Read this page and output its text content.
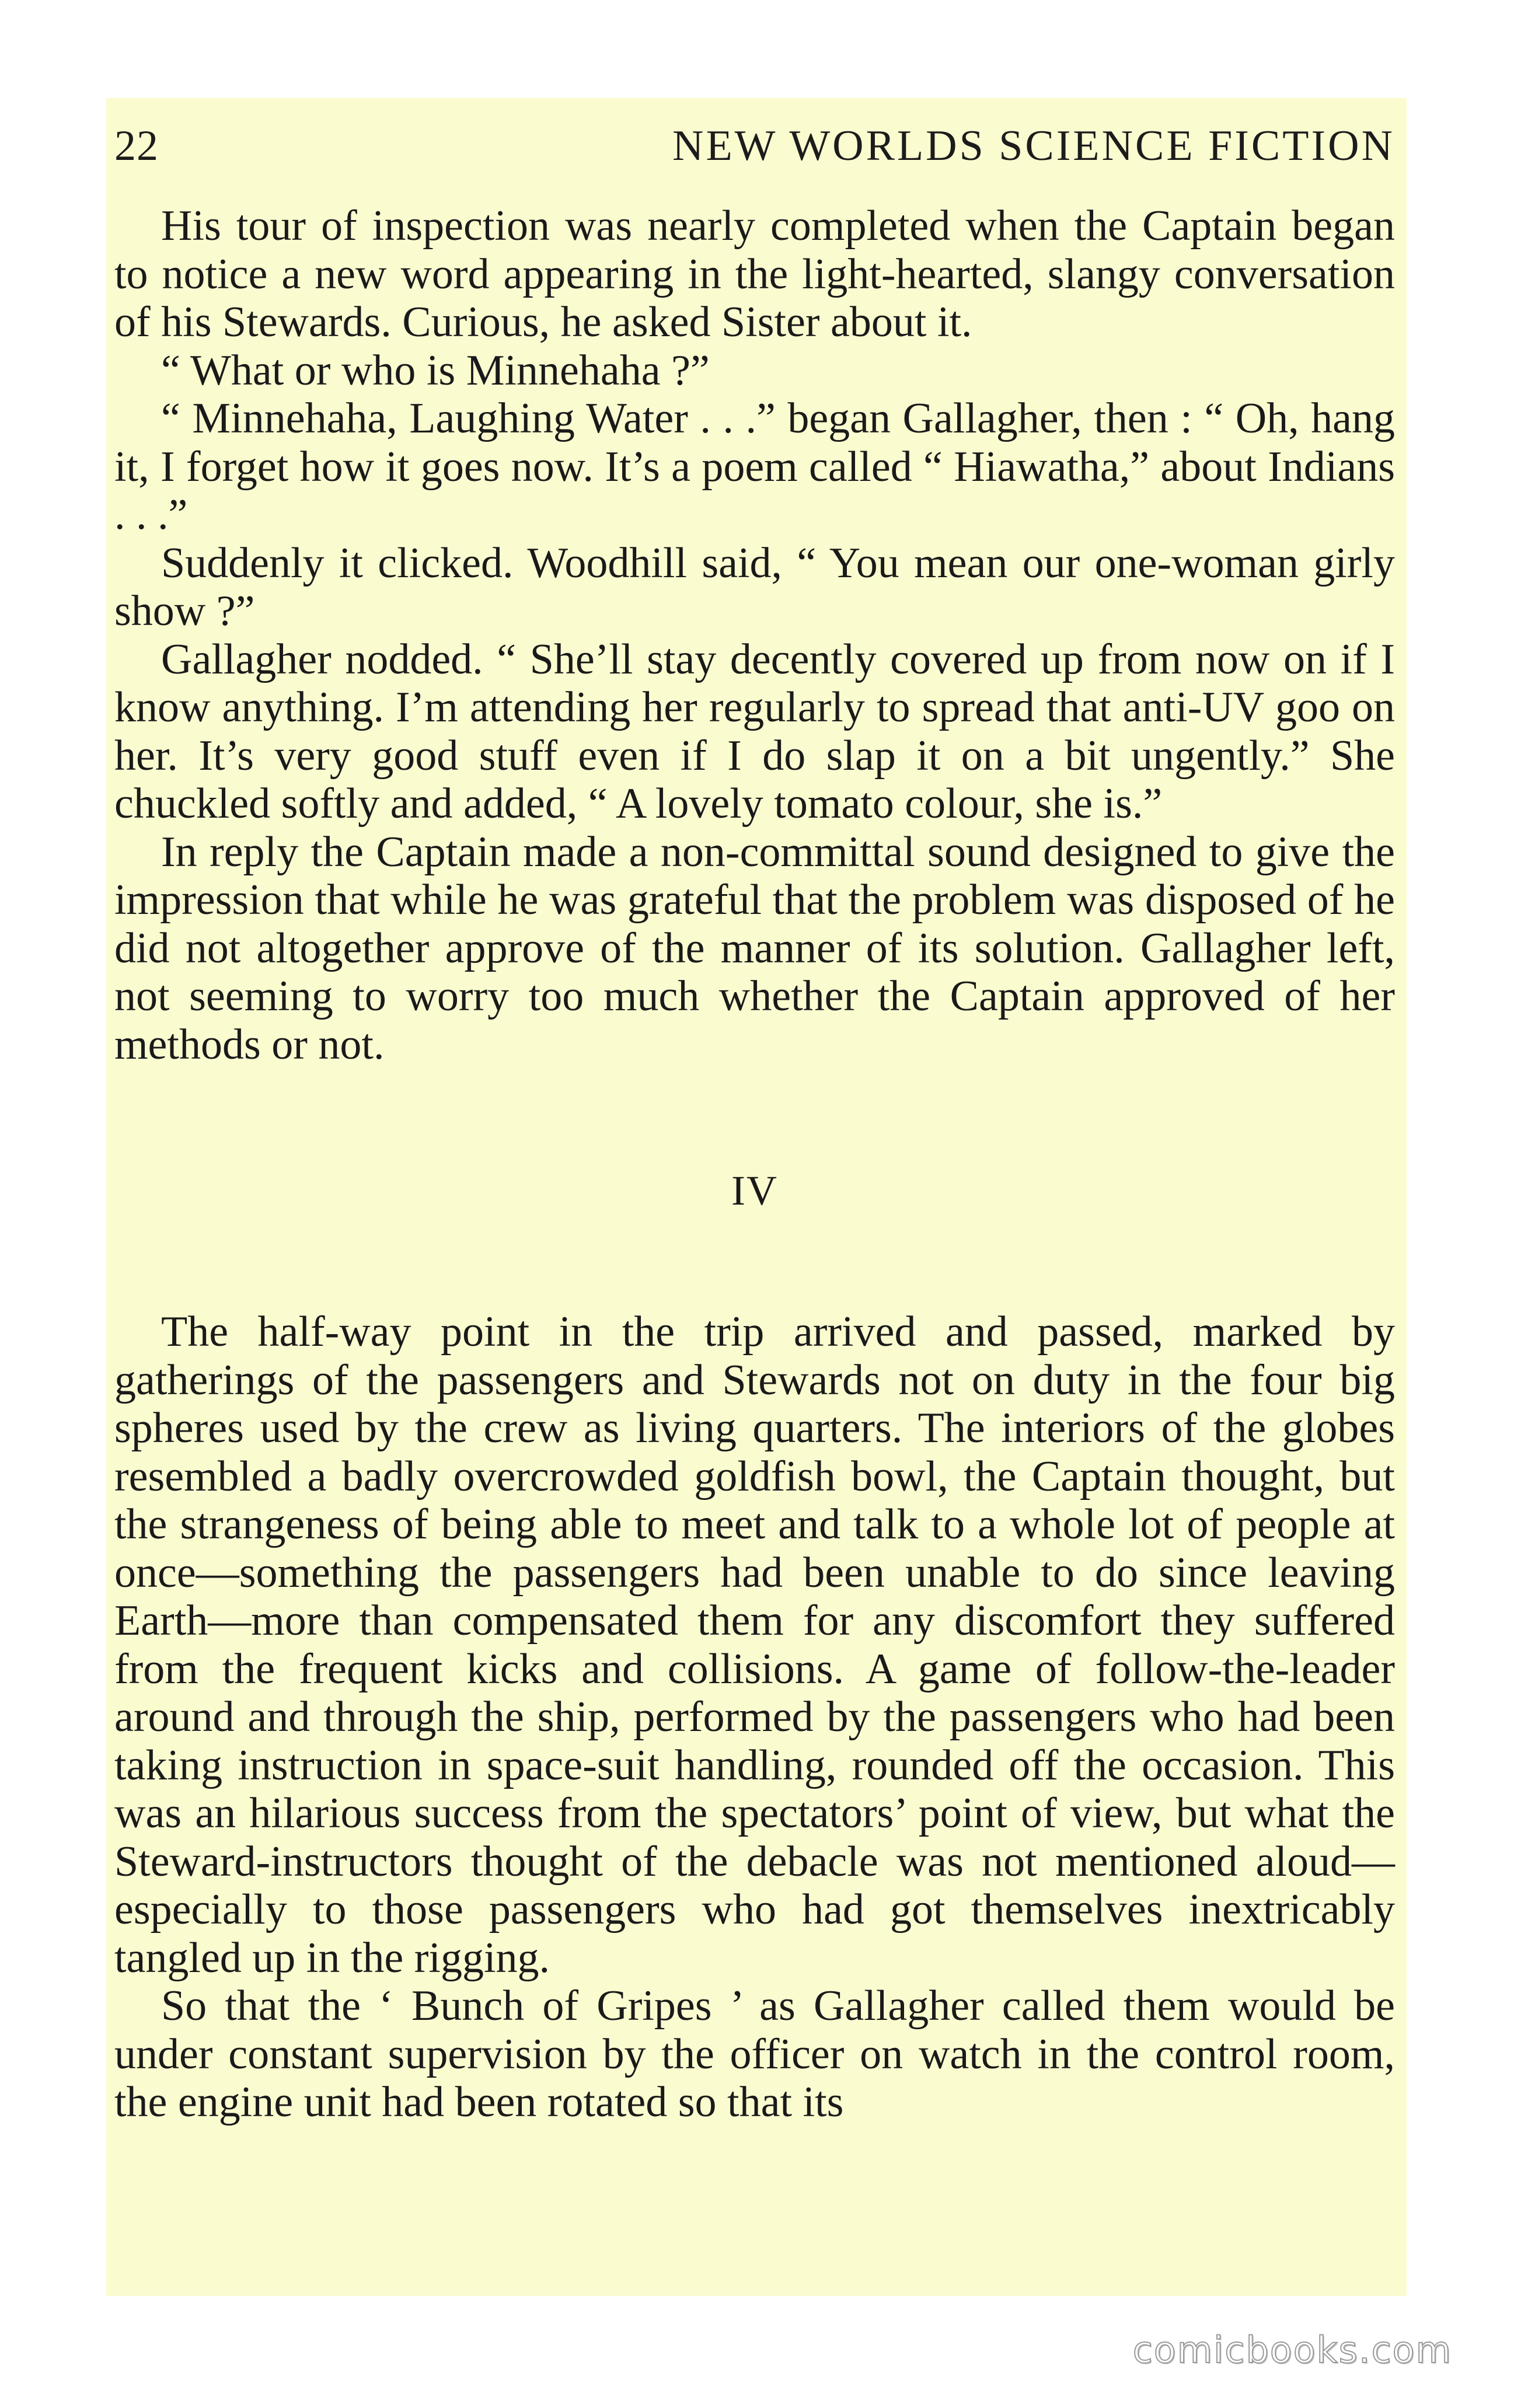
22	NEW WORLDS SCIENCE FICTION

His tour of inspection was nearly completed when the Captain began to notice a new word appearing in the light-hearted, slangy conversation of his Stewards. Curious, he asked Sister about it.

“ What or who is Minnehaha ?”

“ Minnehaha, Laughing Water . . .” began Gallagher, then : “ Oh, hang it, I forget how it goes now. It’s a poem called “ Hiawatha,” about Indians . . .”

Suddenly it clicked. Woodhill said, “ You mean our one-woman girly show ?”

Gallagher nodded. “ She’ll stay decently covered up from now on if I know anything. I’m attending her regularly to spread that anti-UV goo on her. It’s very good stuff even if I do slap it on a bit ungently.” She chuckled softly and added, “ A lovely tomato colour, she is.”

In reply the Captain made a non-committal sound designed to give the impression that while he was grateful that the problem was disposed of he did not altogether approve of the manner of its solution. Gallagher left, not seeming to worry too much whether the Captain approved of her methods or not.

IV

The half-way point in the trip arrived and passed, marked by gatherings of the passengers and Stewards not on duty in the four big spheres used by the crew as living quarters. The interiors of the globes resembled a badly overcrowded goldfish bowl, the Captain thought, but the strangeness of being able to meet and talk to a whole lot of people at once—something the passengers had been unable to do since leaving Earth—more than compensated them for any discomfort they suffered from the frequent kicks and collisions. A game of follow-the-leader around and through the ship, performed by the passengers who had been taking instruction in space-suit handling, rounded off the occasion. This was an hilarious success from the spectators’ point of view, but what the Steward-instructors thought of the debacle was not mentioned aloud—especially to those passengers who had got themselves inextricably tangled up in the rigging.

So that the ‘ Bunch of Gripes ’ as Gallagher called them would be under constant supervision by the officer on watch in the control room, the engine unit had been rotated so that its

comicbooks.com
